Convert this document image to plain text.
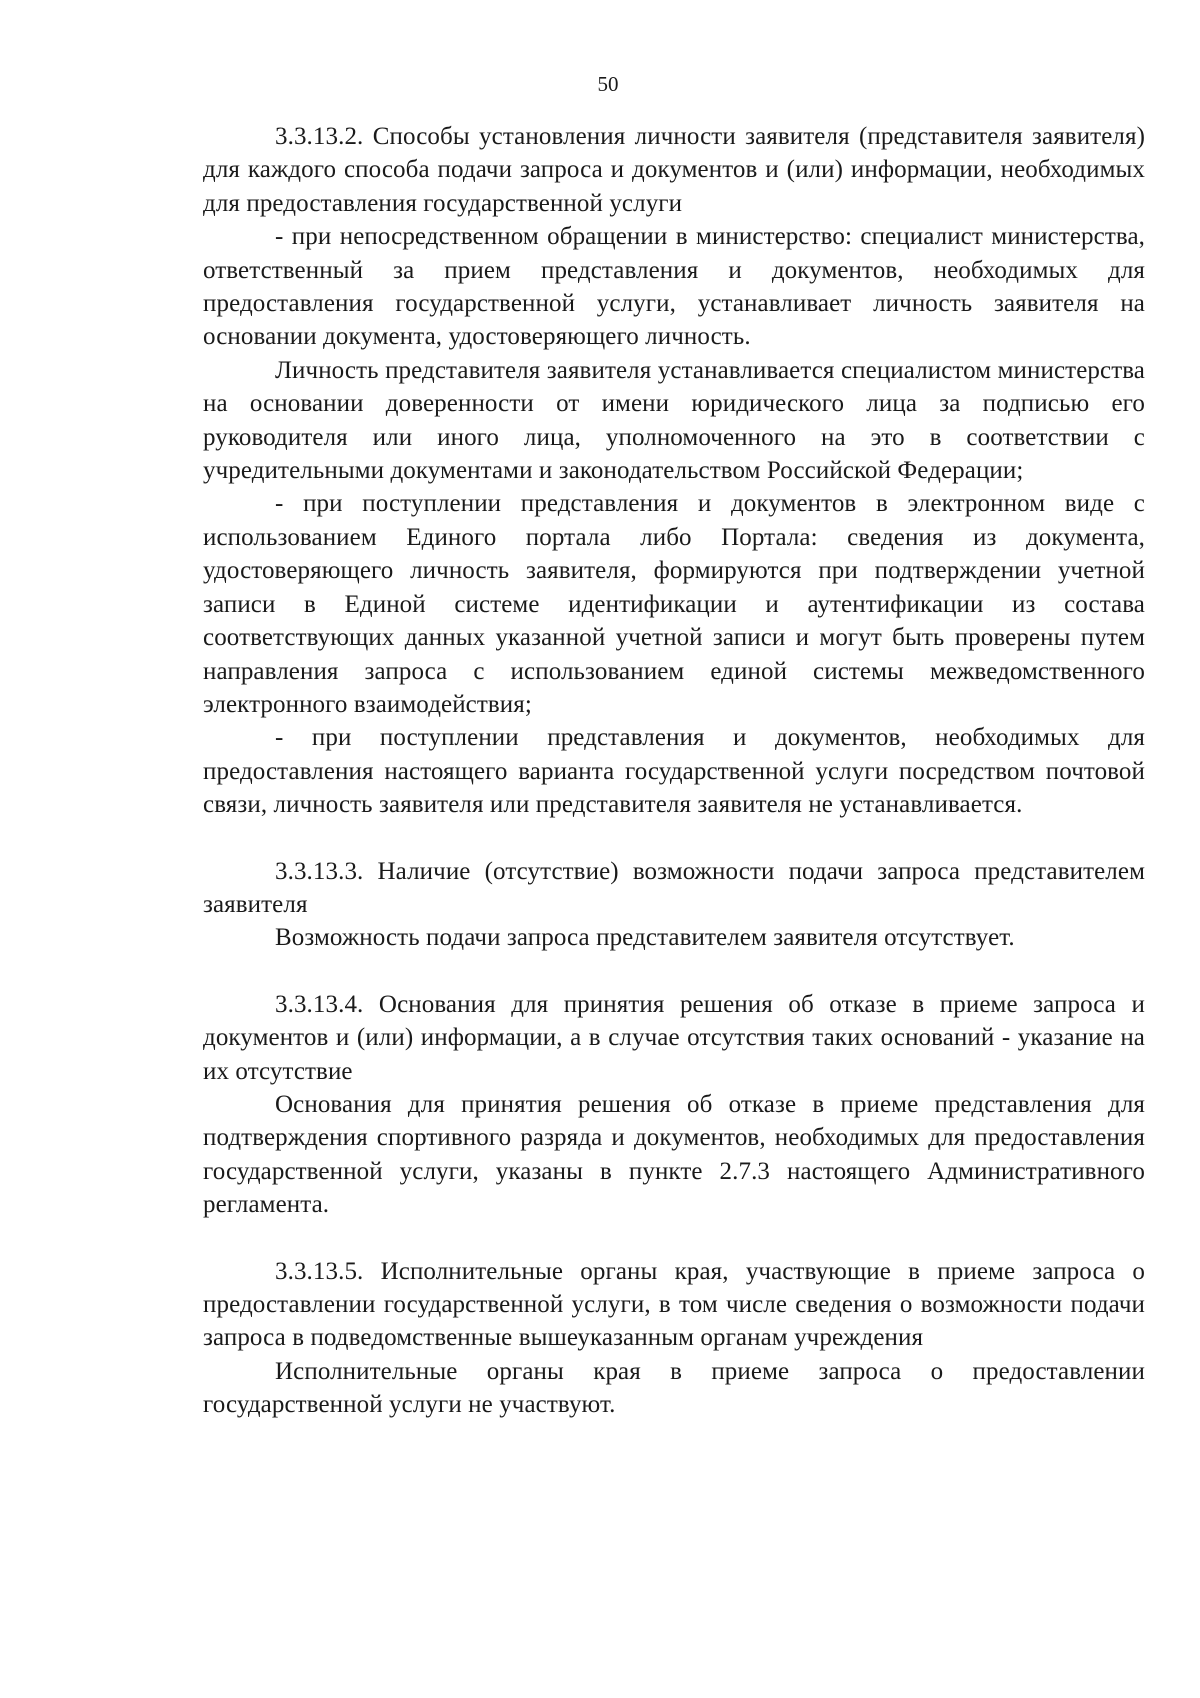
50

3.3.13.2. Способы установления личности заявителя (представителя заявителя) для каждого способа подачи запроса и документов и (или) информации, необходимых для предоставления государственной услуги

- при непосредственном обращении в министерство: специалист министерства, ответственный за прием представления и документов, необходимых для предоставления государственной услуги, устанавливает личность заявителя на основании документа, удостоверяющего личность.

Личность представителя заявителя устанавливается специалистом министерства на основании доверенности от имени юридического лица за подписью его руководителя или иного лица, уполномоченного на это в соответствии с учредительными документами и законодательством Российской Федерации;

- при поступлении представления и документов в электронном виде с использованием Единого портала либо Портала: сведения из документа, удостоверяющего личность заявителя, формируются при подтверждении учетной записи в Единой системе идентификации и аутентификации из состава соответствующих данных указанной учетной записи и могут быть проверены путем направления запроса с использованием единой системы межведомственного электронного взаимодействия;

- при поступлении представления и документов, необходимых для предоставления настоящего варианта государственной услуги посредством почтовой связи, личность заявителя или представителя заявителя не устанавливается.

3.3.13.3. Наличие (отсутствие) возможности подачи запроса представителем заявителя

Возможность подачи запроса представителем заявителя отсутствует.

3.3.13.4. Основания для принятия решения об отказе в приеме запроса и документов и (или) информации, а в случае отсутствия таких оснований - указание на их отсутствие

Основания для принятия решения об отказе в приеме представления для подтверждения спортивного разряда и документов, необходимых для предоставления государственной услуги, указаны в пункте 2.7.3 настоящего Административного регламента.

3.3.13.5. Исполнительные органы края, участвующие в приеме запроса о предоставлении государственной услуги, в том числе сведения о возможности подачи запроса в подведомственные вышеуказанным органам учреждения

Исполнительные органы края в приеме запроса о предоставлении государственной услуги не участвуют.
